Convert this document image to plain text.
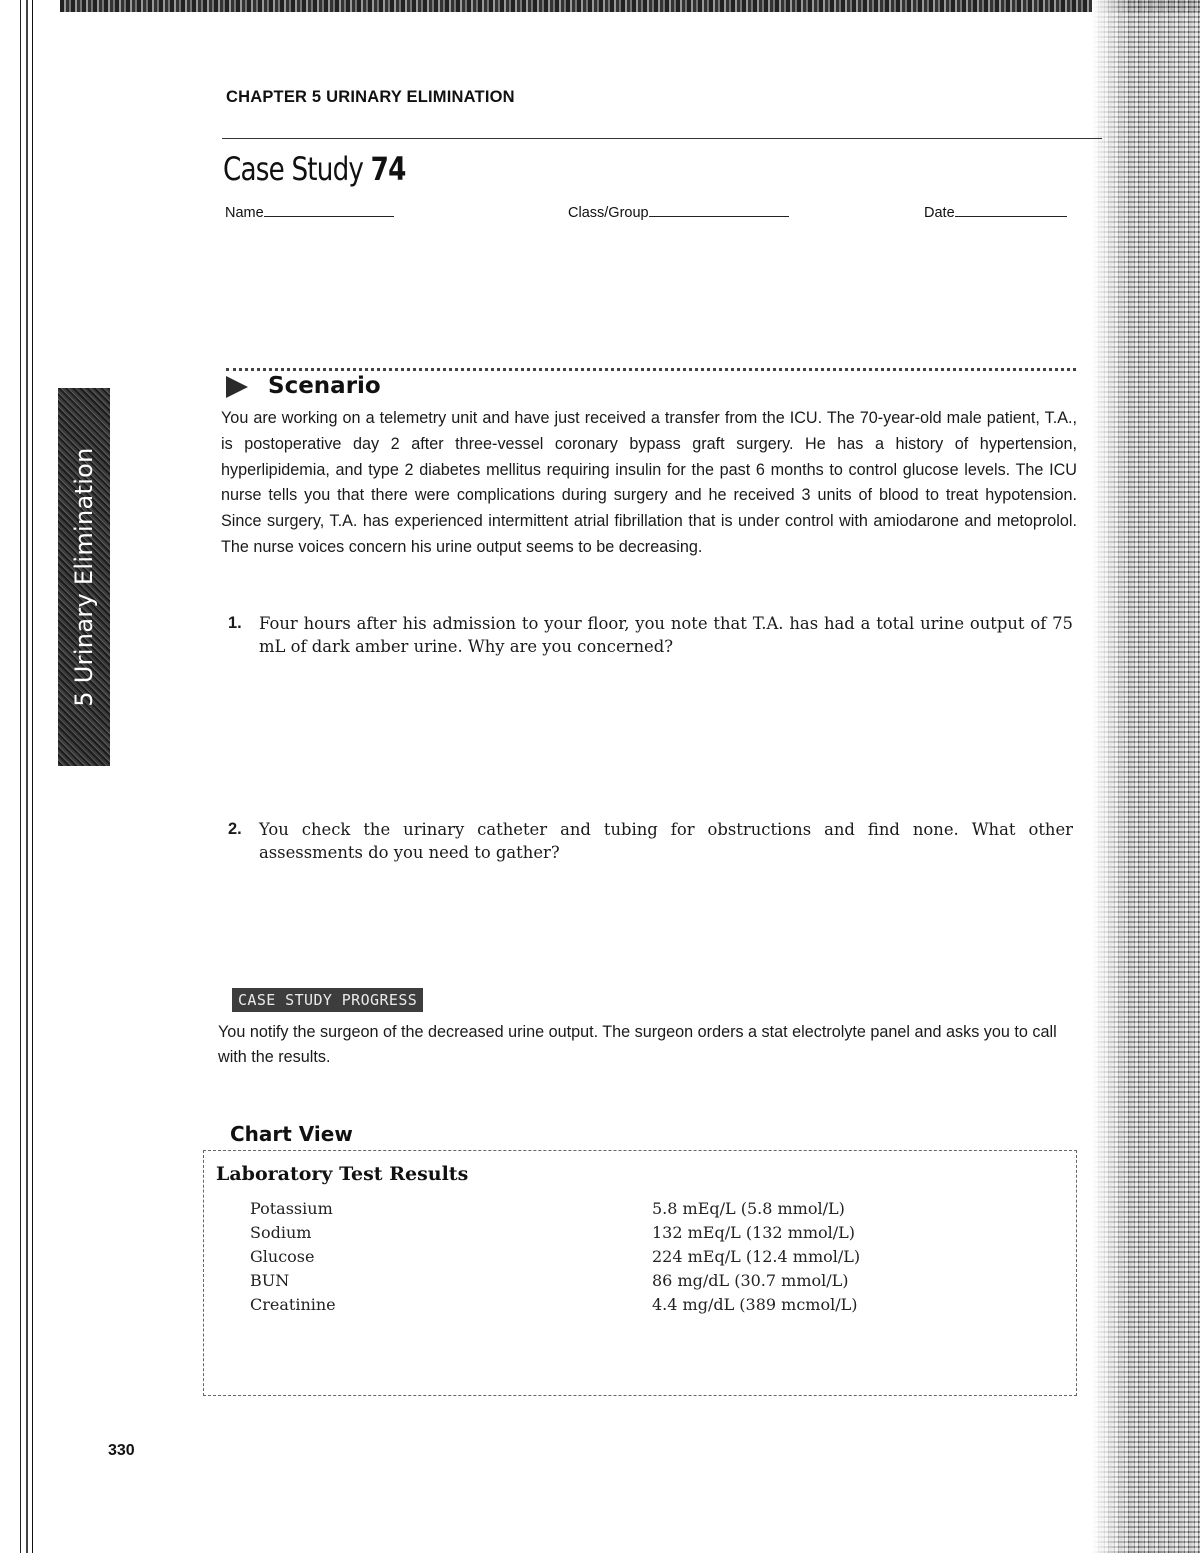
5 Urinary Elimination
CHAPTER 5 URINARY ELIMINATION
Case Study 74
Name	Class/Group	Date
Scenario
You are working on a telemetry unit and have just received a transfer from the ICU. The 70-year-old male patient, T.A., is postoperative day 2 after three-vessel coronary bypass graft surgery. He has a history of hypertension, hyperlipidemia, and type 2 diabetes mellitus requiring insulin for the past 6 months to control glucose levels. The ICU nurse tells you that there were complications during surgery and he received 3 units of blood to treat hypotension. Since surgery, T.A. has experienced intermittent atrial fibrillation that is under control with amiodarone and metoprolol. The nurse voices concern his urine output seems to be decreasing.
1. Four hours after his admission to your floor, you note that T.A. has had a total urine output of 75 mL of dark amber urine. Why are you concerned?
2. You check the urinary catheter and tubing for obstructions and find none. What other assessments do you need to gather?
CASE STUDY PROGRESS
You notify the surgeon of the decreased urine output. The surgeon orders a stat electrolyte panel and asks you to call with the results.
Chart View
Laboratory Test Results
Potassium	5.8 mEq/L (5.8 mmol/L)
Sodium	132 mEq/L (132 mmol/L)
Glucose	224 mEq/L (12.4 mmol/L)
BUN	86 mg/dL (30.7 mmol/L)
Creatinine	4.4 mg/dL (389 mcmol/L)
330
